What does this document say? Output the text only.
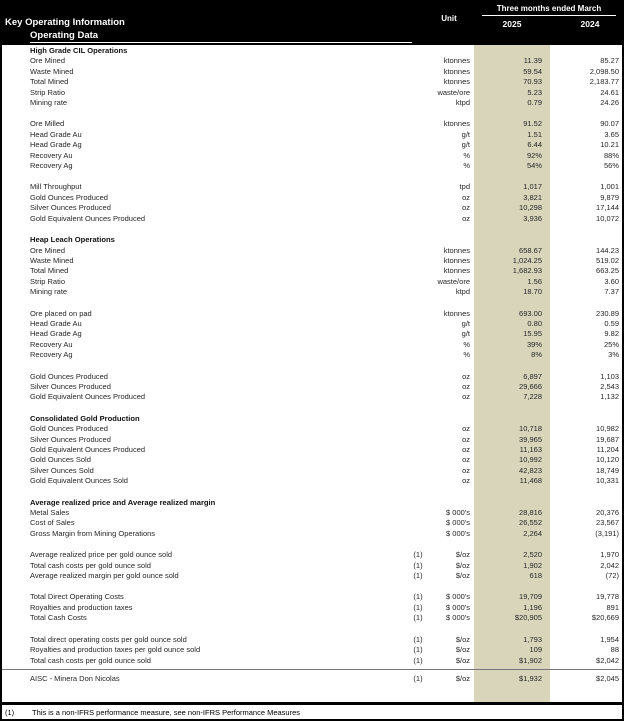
Key Operating Information
Operating Data
Unit
Three months ended March
2025	2024
High Grade CIL Operations
Ore Mined	ktonnes	11.39	85.27
Waste Mined	ktonnes	59.54	2,098.50
Total Mined	ktonnes	70.93	2,183.77
Strip Ratio	waste/ore	5.23	24.61
Mining rate	ktpd	0.79	24.26
Ore Milled	ktonnes	91.52	90.07
Head Grade Au	g/t	1.51	3.65
Head Grade Ag	g/t	6.44	10.21
Recovery Au	%	92%	88%
Recovery Ag	%	54%	56%
Mill Throughput	tpd	1,017	1,001
Gold Ounces Produced	oz	3,821	9,879
Silver Ounces Produced	oz	10,298	17,144
Gold Equivalent Ounces Produced	oz	3,936	10,072
Heap Leach Operations
Ore Mined	ktonnes	658.67	144.23
Waste Mined	ktonnes	1,024.25	519.02
Total Mined	ktonnes	1,682.93	663.25
Strip Ratio	waste/ore	1.56	3.60
Mining rate	ktpd	18.70	7.37
Ore placed on pad	ktonnes	693.00	230.89
Head Grade Au	g/t	0.80	0.59
Head Grade Ag	g/t	15.95	9.82
Recovery Au	%	39%	25%
Recovery Ag	%	8%	3%
Gold Ounces Produced	oz	6,897	1,103
Silver Ounces Produced	oz	29,666	2,543
Gold Equivalent Ounces Produced	oz	7,228	1,132
Consolidated Gold Production
Gold Ounces Produced	oz	10,718	10,982
Silver Ounces Produced	oz	39,965	19,687
Gold Equivalent Ounces Produced	oz	11,163	11,204
Gold Ounces Sold	oz	10,992	10,120
Silver Ounces Sold	oz	42,823	18,749
Gold Equivalent Ounces Sold	oz	11,468	10,331
Average realized price and Average realized margin
Metal Sales	$ 000's	28,816	20,376
Cost of Sales	$ 000's	26,552	23,567
Gross Margin from Mining Operations	$ 000's	2,264	(3,191)
Average realized price per gold ounce sold	(1)	$/oz	2,520	1,970
Total cash costs per gold ounce sold	(1)	$/oz	1,902	2,042
Average realized margin per gold ounce sold	(1)	$/oz	618	(72)
Total Direct Operating Costs	(1)	$ 000's	19,709	19,778
Royalties and production taxes	(1)	$ 000's	1,196	891
Total Cash Costs	(1)	$ 000's	$20,905	$20,669
Total direct operating costs per gold ounce sold	(1)	$/oz	1,793	1,954
Royalties and production taxes per gold ounce sold	(1)	$/oz	109	88
Total cash costs per gold ounce sold	(1)	$/oz	$1,902	$2,042
AISC - Minera Don Nicolas	(1)	$/oz	$1,932	$2,045
(1) This is a non-IFRS performance measure, see non-IFRS Performance Measures
